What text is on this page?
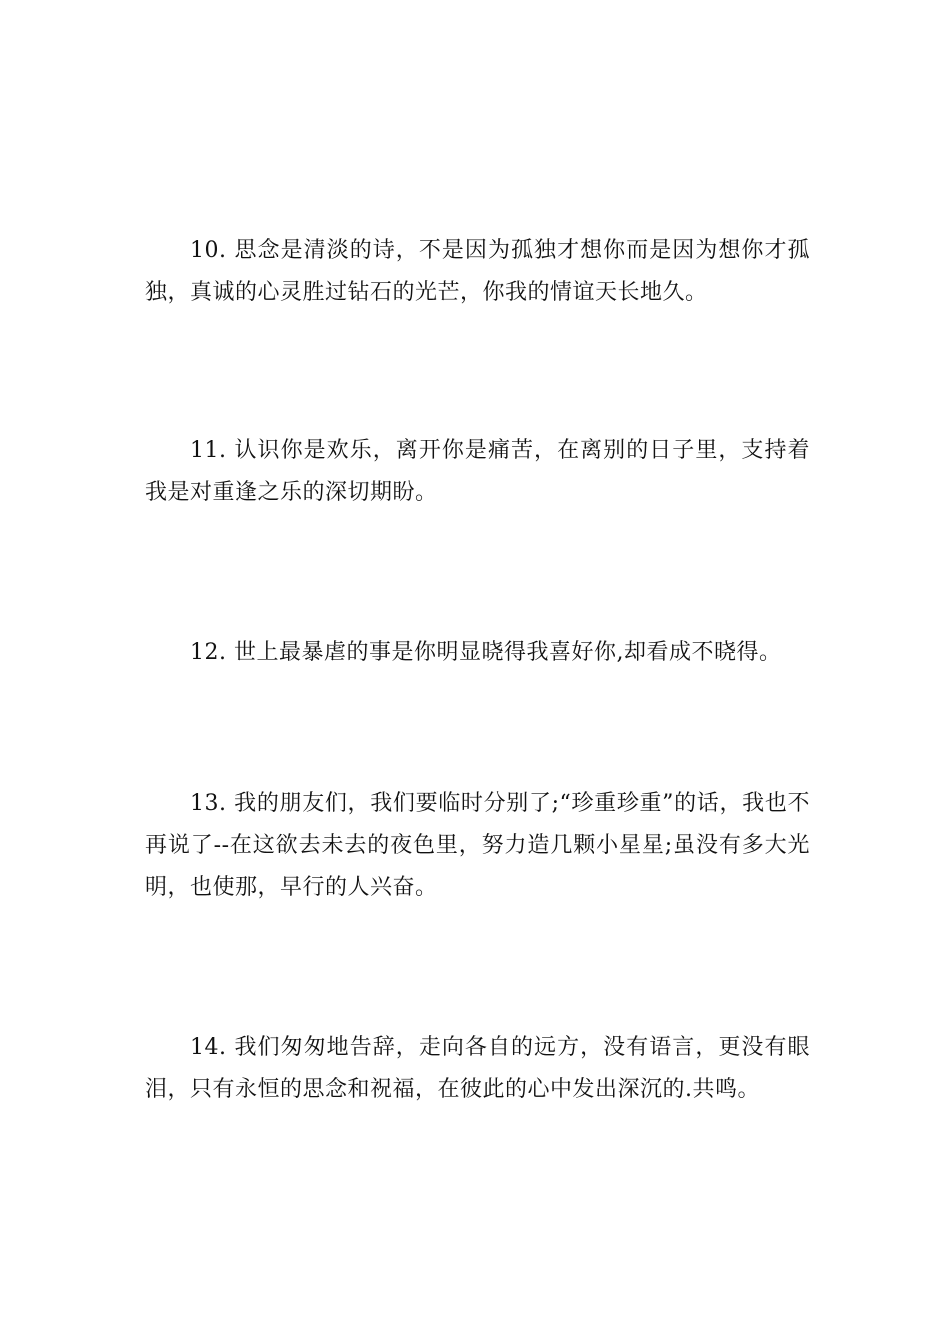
10. 思念是清淡的诗，不是因为孤独才想你而是因为想你才孤独，真诚的心灵胜过钻石的光芒，你我的情谊天长地久。

11. 认识你是欢乐，离开你是痛苦，在离别的日子里，支持着我是对重逢之乐的深切期盼。

12. 世上最暴虐的事是你明显晓得我喜好你,却看成不晓得。

13. 我的朋友们，我们要临时分别了;“珍重珍重”的话，我也不再说了--在这欲去未去的夜色里，努力造几颗小星星;虽没有多大光明，也使那，早行的人兴奋。

14. 我们匆匆地告辞，走向各自的远方，没有语言，更没有眼泪，只有永恒的思念和祝福，在彼此的心中发出深沉的.共鸣。
